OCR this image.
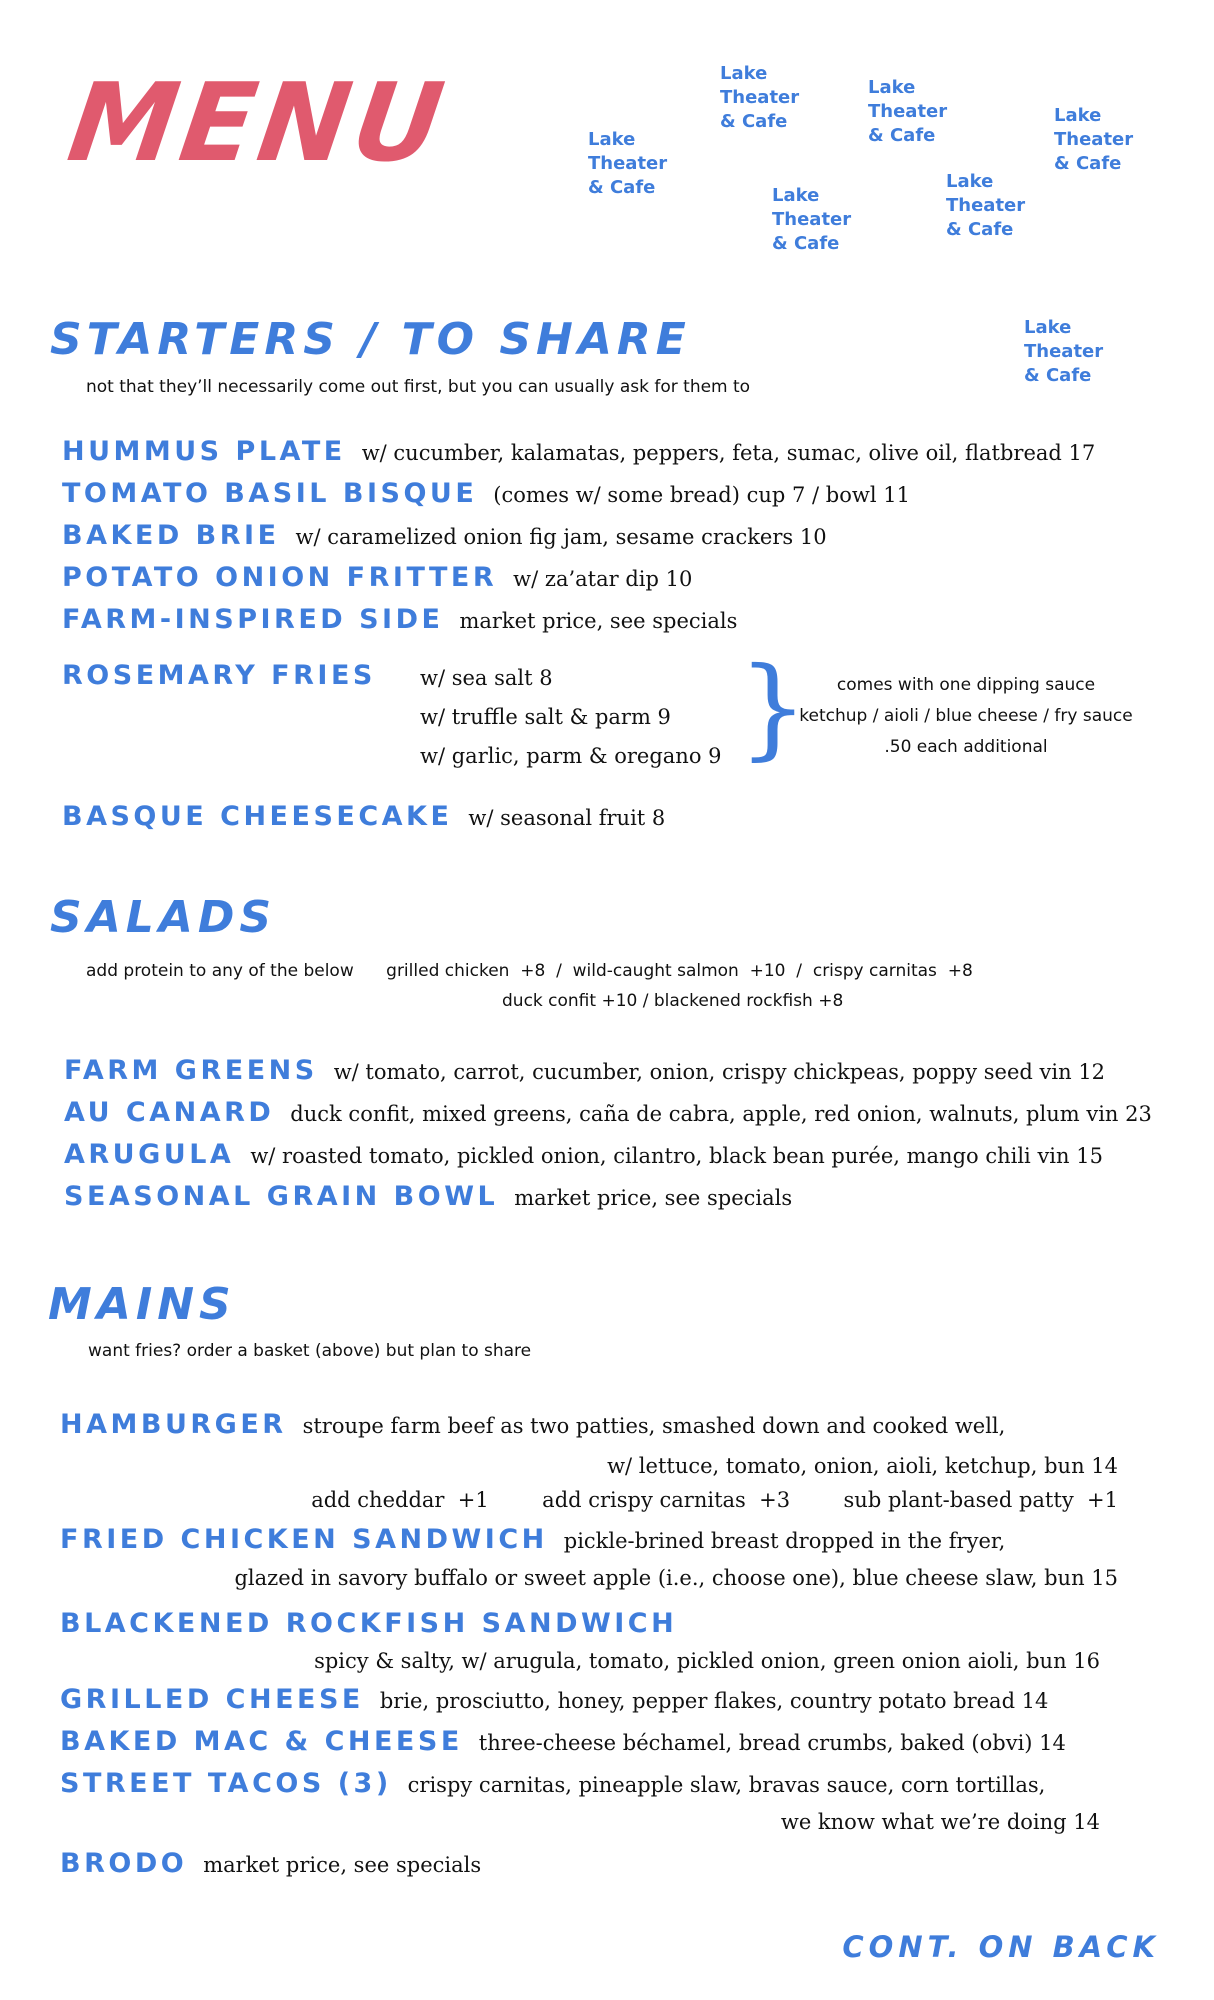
MENU	Lake
Theater
& Cafe
Lake
Theater
& Cafe
Lake
Theater
& Cafe
Lake
Theater
& Cafe	Lake
Theater
& Cafe
Lake
Theater
& Cafe
Lake
Theater
& Cafe
STARTERS / TO SHARE
not that they’ll necessarily come out first, but you can usually ask for them to
HUMMUS PLATE w/ cucumber, kalamatas, peppers, feta, sumac, olive oil, flatbread 17
TOMATO BASIL BISQUE (comes w/ some bread) cup 7 / bowl 11
BAKED BRIE w/ caramelized onion fig jam, sesame crackers 10
POTATO ONION FRITTER w/ za’atar dip 10
FARM-INSPIRED SIDE market price, see specials
ROSEMARY FRIES w/ sea salt 8
w/ truffle salt & parm 9
w/ garlic, parm & oregano 9 }	comes with one dipping sauce
ketchup / aioli / blue cheese / fry sauce
.50 each additional
BASQUE CHEESECAKE w/ seasonal fruit 8
SALADS
add protein to any of the below      grilled chicken  +8  /  wild-caught salmon  +10  /  crispy carnitas  +8
duck confit +10 / blackened rockfish +8
FARM GREENS w/ tomato, carrot, cucumber, onion, crispy chickpeas, poppy seed vin 12
AU CANARD duck confit, mixed greens, caña de cabra, apple, red onion, walnuts, plum vin 23
ARUGULA w/ roasted tomato, pickled onion, cilantro, black bean purée, mango chili vin 15
SEASONAL GRAIN BOWL market price, see specials
MAINS
want fries? order a basket (above) but plan to share
HAMBURGER stroupe farm beef as two patties, smashed down and cooked well,
w/ lettuce, tomato, onion, aioli, ketchup, bun 14
add cheddar  +1        add crispy carnitas  +3        sub plant-based patty  +1
FRIED CHICKEN SANDWICH pickle-brined breast dropped in the fryer,
glazed in savory buffalo or sweet apple (i.e., choose one), blue cheese slaw, bun 15
BLACKENED ROCKFISH SANDWICH
spicy & salty, w/ arugula, tomato, pickled onion, green onion aioli, bun 16
GRILLED CHEESE brie, prosciutto, honey, pepper flakes, country potato bread 14
BAKED MAC & CHEESE three-cheese béchamel, bread crumbs, baked (obvi) 14
STREET TACOS (3) crispy carnitas, pineapple slaw, bravas sauce, corn tortillas,
we know what we’re doing 14
BRODO market price, see specials
CONT. ON BACK
